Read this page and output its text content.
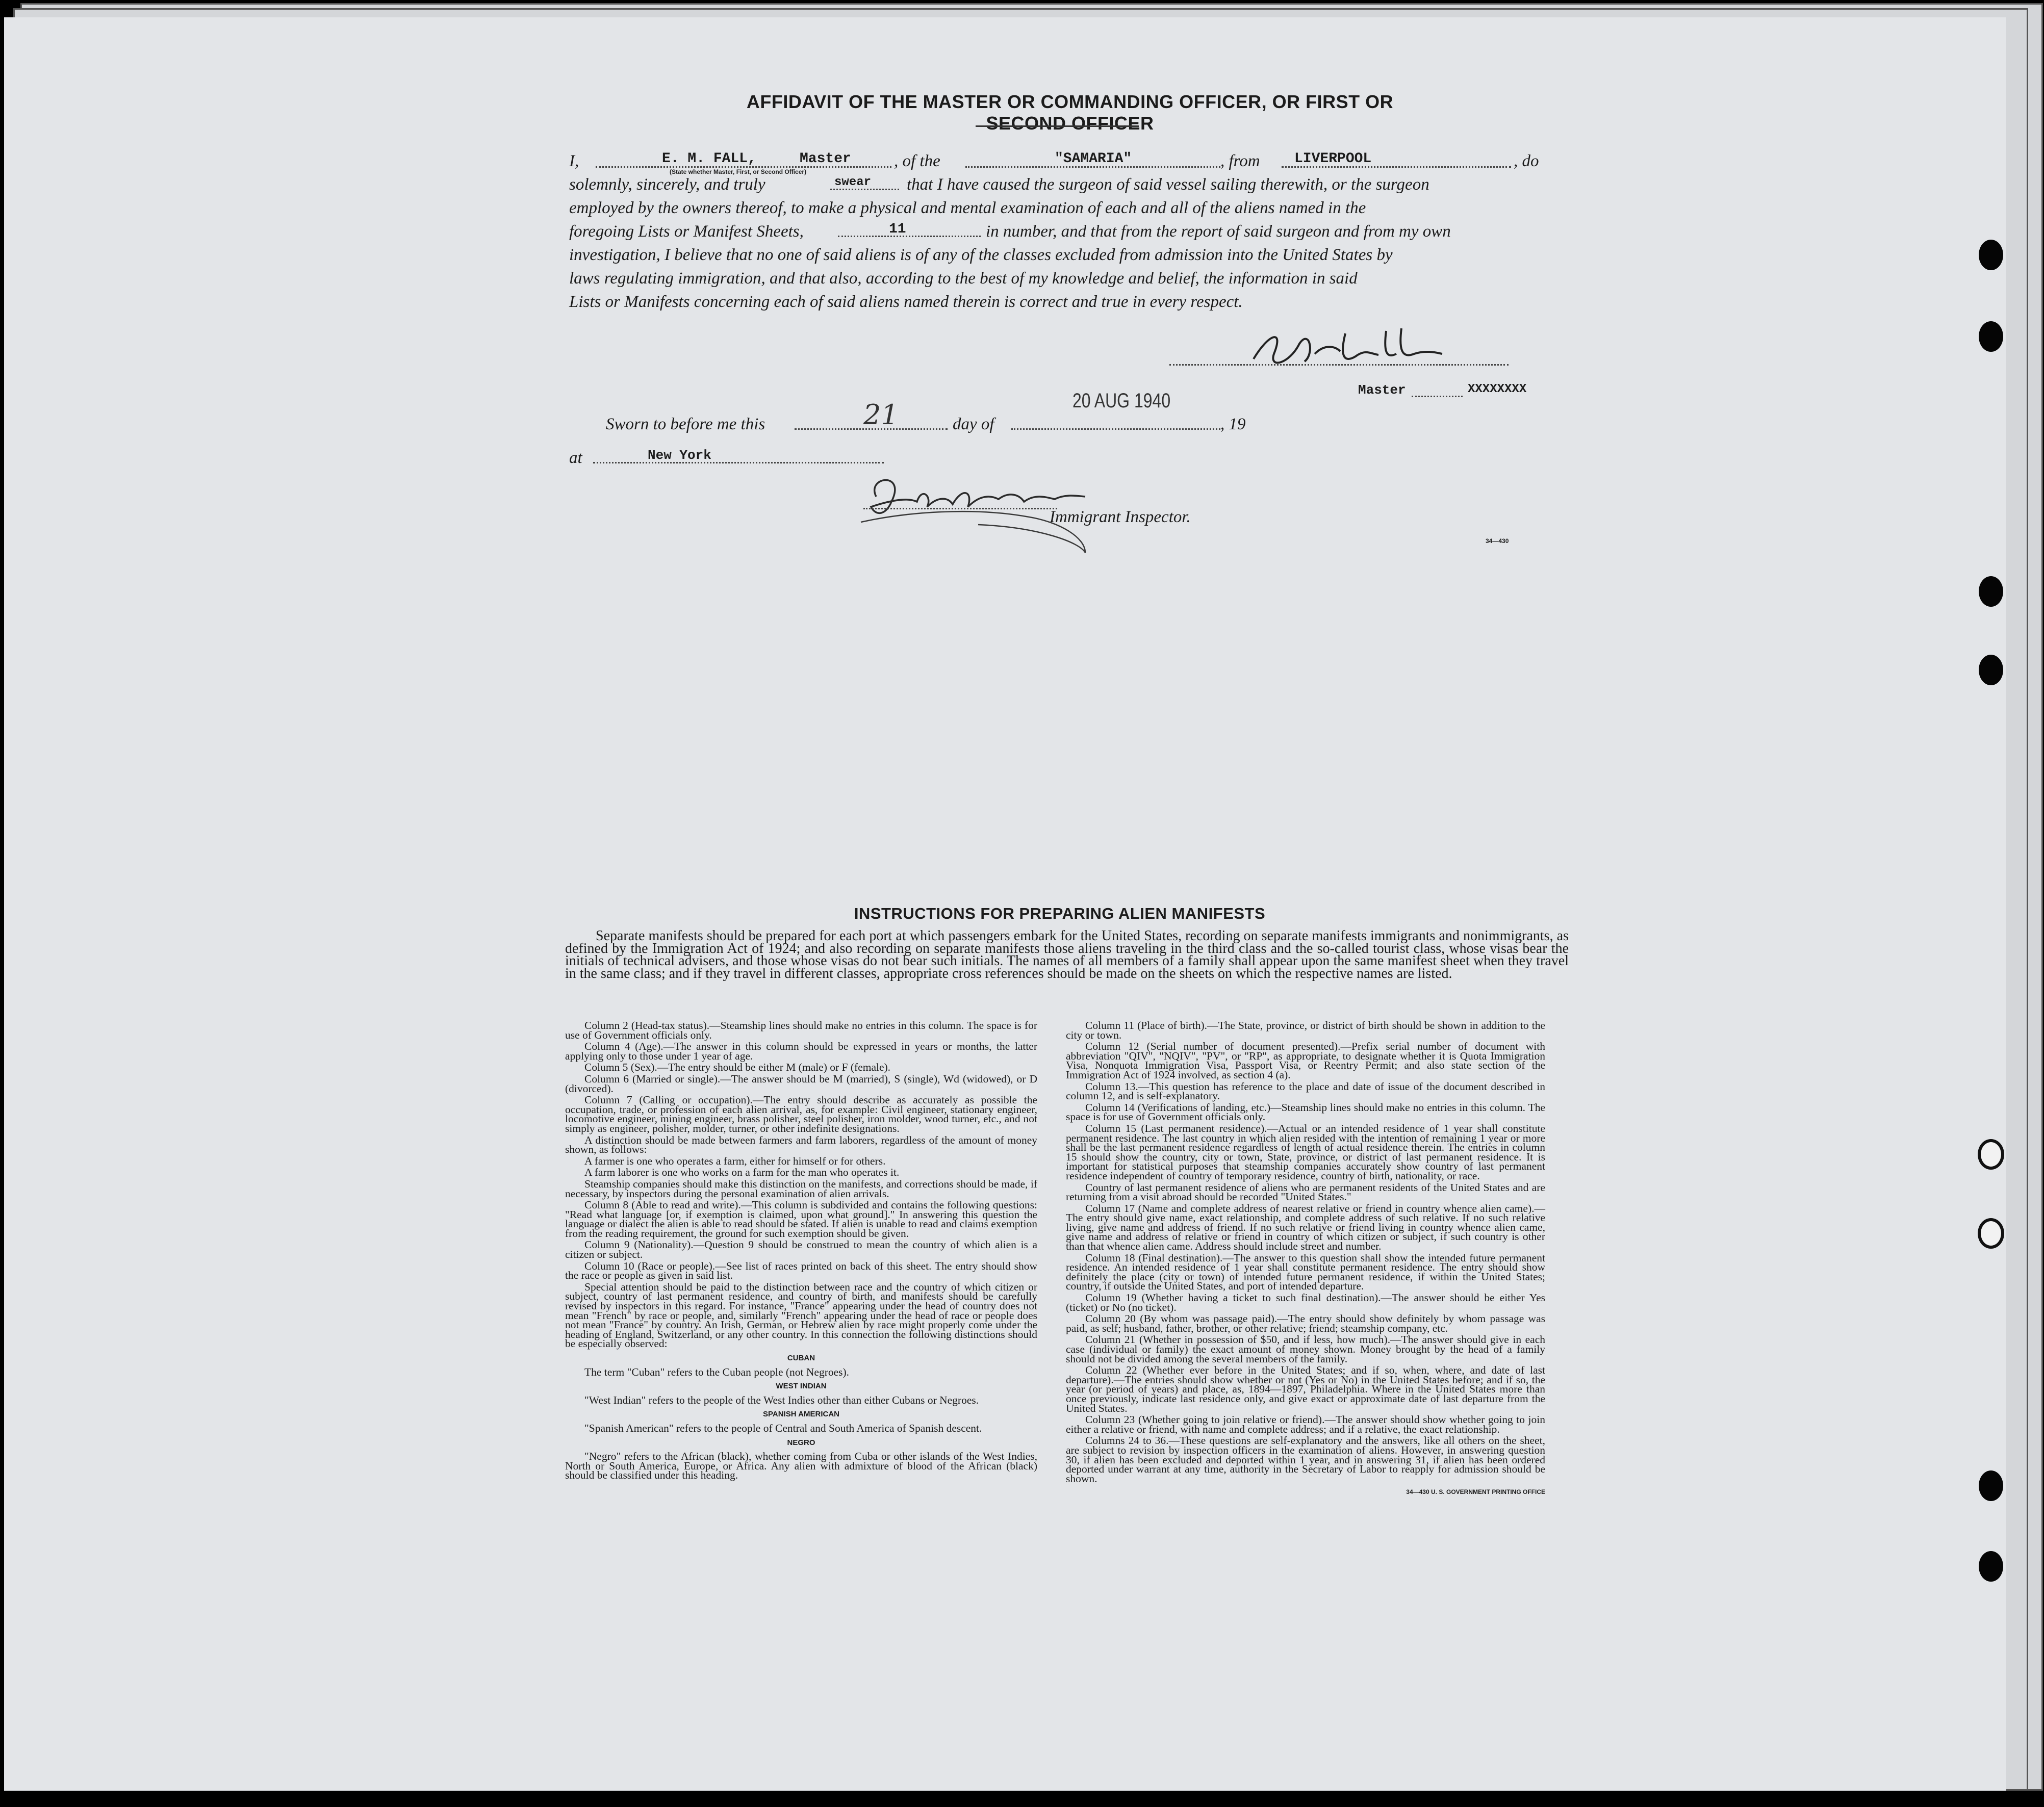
AFFIDAVIT OF THE MASTER OR COMMANDING OFFICER, OR FIRST OR SECOND OFFICER
I,	E. M. FALL,	Master
(State whether Master, First, or Second Officer)
, of the	"SAMARIA"	, from LIVERPOOL	, do
solemnly, sincerely, and truly	swear that I have caused the surgeon of said vessel sailing therewith, or the surgeon
employed by the owners thereof, to make a physical and mental examination of each and all of the aliens named in the
foregoing Lists or Manifest Sheets,	11	in number, and that from the report of said surgeon and from my own
investigation, I believe that no one of said aliens is of any of the classes excluded from admission into the United States by
laws regulating immigration, and that also, according to the best of my knowledge and belief, the information in said
Lists or Manifests concerning each of said aliens named therein is correct and true in every respect.
Master	XXXXXXXX
Sworn to before me this	21	day of
20 AUG 1940
, 19
at	New York
Immigrant Inspector.
34—430
INSTRUCTIONS FOR PREPARING ALIEN MANIFESTS
Separate manifests should be prepared for each port at which passengers embark for the United States, recording on separate manifests immigrants and nonimmigrants, as defined by the Immigration Act of 1924; and also recording on separate manifests those aliens traveling in the third class and the so-called tourist class, whose visas bear the initials of technical advisers, and those whose visas do not bear such initials. The names of all members of a family shall appear upon the same manifest sheet when they travel in the same class; and if they travel in different classes, appropriate cross references should be made on the sheets on which the respective names are listed.

Column 2 (Head-tax status).—Steamship lines should make no entries in this column. The space is for use of Government officials only.

Column 4 (Age).—The answer in this column should be expressed in years or months, the latter applying only to those under 1 year of age.

Column 5 (Sex).—The entry should be either M (male) or F (female).

Column 6 (Married or single).—The answer should be M (married), S (single), Wd (widowed), or D (divorced).

Column 7 (Calling or occupation).—The entry should describe as accurately as possible the occupation, trade, or profession of each alien arrival, as, for example: Civil engineer, stationary engineer, locomotive engineer, mining engineer, brass polisher, steel polisher, iron molder, wood turner, etc., and not simply as engineer, polisher, molder, turner, or other indefinite designations.

A distinction should be made between farmers and farm laborers, regardless of the amount of money shown, as follows:

A farmer is one who operates a farm, either for himself or for others.

A farm laborer is one who works on a farm for the man who operates it.

Steamship companies should make this distinction on the manifests, and corrections should be made, if necessary, by inspectors during the personal examination of alien arrivals.

Column 8 (Able to read and write).—This column is subdivided and contains the following questions: "Read what language [or, if exemption is claimed, upon what ground]." In answering this question the language or dialect the alien is able to read should be stated. If alien is unable to read and claims exemption from the reading requirement, the ground for such exemption should be given.

Column 9 (Nationality).—Question 9 should be construed to mean the country of which alien is a citizen or subject.

Column 10 (Race or people).—See list of races printed on back of this sheet. The entry should show the race or people as given in said list.

Special attention should be paid to the distinction between race and the country of which citizen or subject, country of last permanent residence, and country of birth, and manifests should be carefully revised by inspectors in this regard. For instance, "France" appearing under the head of country does not mean "French" by race or people, and, similarly "French" appearing under the head of race or people does not mean "France" by country. An Irish, German, or Hebrew alien by race might properly come under the heading of England, Switzerland, or any other country. In this connection the following distinctions should be especially observed:

CUBAN

The term "Cuban" refers to the Cuban people (not Negroes).

WEST INDIAN

"West Indian" refers to the people of the West Indies other than either Cubans or Negroes.

SPANISH AMERICAN

"Spanish American" refers to the people of Central and South America of Spanish descent.

NEGRO

"Negro" refers to the African (black), whether coming from Cuba or other islands of the West Indies, North or South America, Europe, or Africa. Any alien with admixture of blood of the African (black) should be classified under this heading.

Column 11 (Place of birth).—The State, province, or district of birth should be shown in addition to the city or town.

Column 12 (Serial number of document presented).—Prefix serial number of document with abbreviation "QIV", "NQIV", "PV", or "RP", as appropriate, to designate whether it is Quota Immigration Visa, Nonquota Immigration Visa, Passport Visa, or Reentry Permit; and also state section of the Immigration Act of 1924 involved, as section 4 (a).

Column 13.—This question has reference to the place and date of issue of the document described in column 12, and is self-explanatory.

Column 14 (Verifications of landing, etc.)—Steamship lines should make no entries in this column. The space is for use of Government officials only.

Column 15 (Last permanent residence).—Actual or an intended residence of 1 year shall constitute permanent residence. The last country in which alien resided with the intention of remaining 1 year or more shall be the last permanent residence regardless of length of actual residence therein. The entries in column 15 should show the country, city or town, State, province, or district of last permanent residence. It is important for statistical purposes that steamship companies accurately show country of last permanent residence independent of country of temporary residence, country of birth, nationality, or race.

Country of last permanent residence of aliens who are permanent residents of the United States and are returning from a visit abroad should be recorded "United States."

Column 17 (Name and complete address of nearest relative or friend in country whence alien came).—The entry should give name, exact relationship, and complete address of such relative. If no such relative living, give name and address of friend. If no such relative or friend living in country whence alien came, give name and address of relative or friend in country of which citizen or subject, if such country is other than that whence alien came. Address should include street and number.

Column 18 (Final destination).—The answer to this question shall show the intended future permanent residence. An intended residence of 1 year shall constitute permanent residence. The entry should show definitely the place (city or town) of intended future permanent residence, if within the United States; country, if outside the United States, and port of intended departure.

Column 19 (Whether having a ticket to such final destination).—The answer should be either Yes (ticket) or No (no ticket).

Column 20 (By whom was passage paid).—The entry should show definitely by whom passage was paid, as self; husband, father, brother, or other relative; friend; steamship company, etc.

Column 21 (Whether in possession of $50, and if less, how much).—The answer should give in each case (individual or family) the exact amount of money shown. Money brought by the head of a family should not be divided among the several members of the family.

Column 22 (Whether ever before in the United States; and if so, when, where, and date of last departure).—The entries should show whether or not (Yes or No) in the United States before; and if so, the year (or period of years) and place, as, 1894—1897, Philadelphia. Where in the United States more than once previously, indicate last residence only, and give exact or approximate date of last departure from the United States.

Column 23 (Whether going to join relative or friend).—The answer should show whether going to join either a relative or friend, with name and complete address; and if a relative, the exact relationship.

Columns 24 to 36.—These questions are self-explanatory and the answers, like all others on the sheet, are subject to revision by inspection officers in the examination of aliens. However, in answering question 30, if alien has been excluded and deported within 1 year, and in answering 31, if alien has been ordered deported under warrant at any time, authority in the Secretary of Labor to reapply for admission should be shown.

34—430 U. S. GOVERNMENT PRINTING OFFICE
